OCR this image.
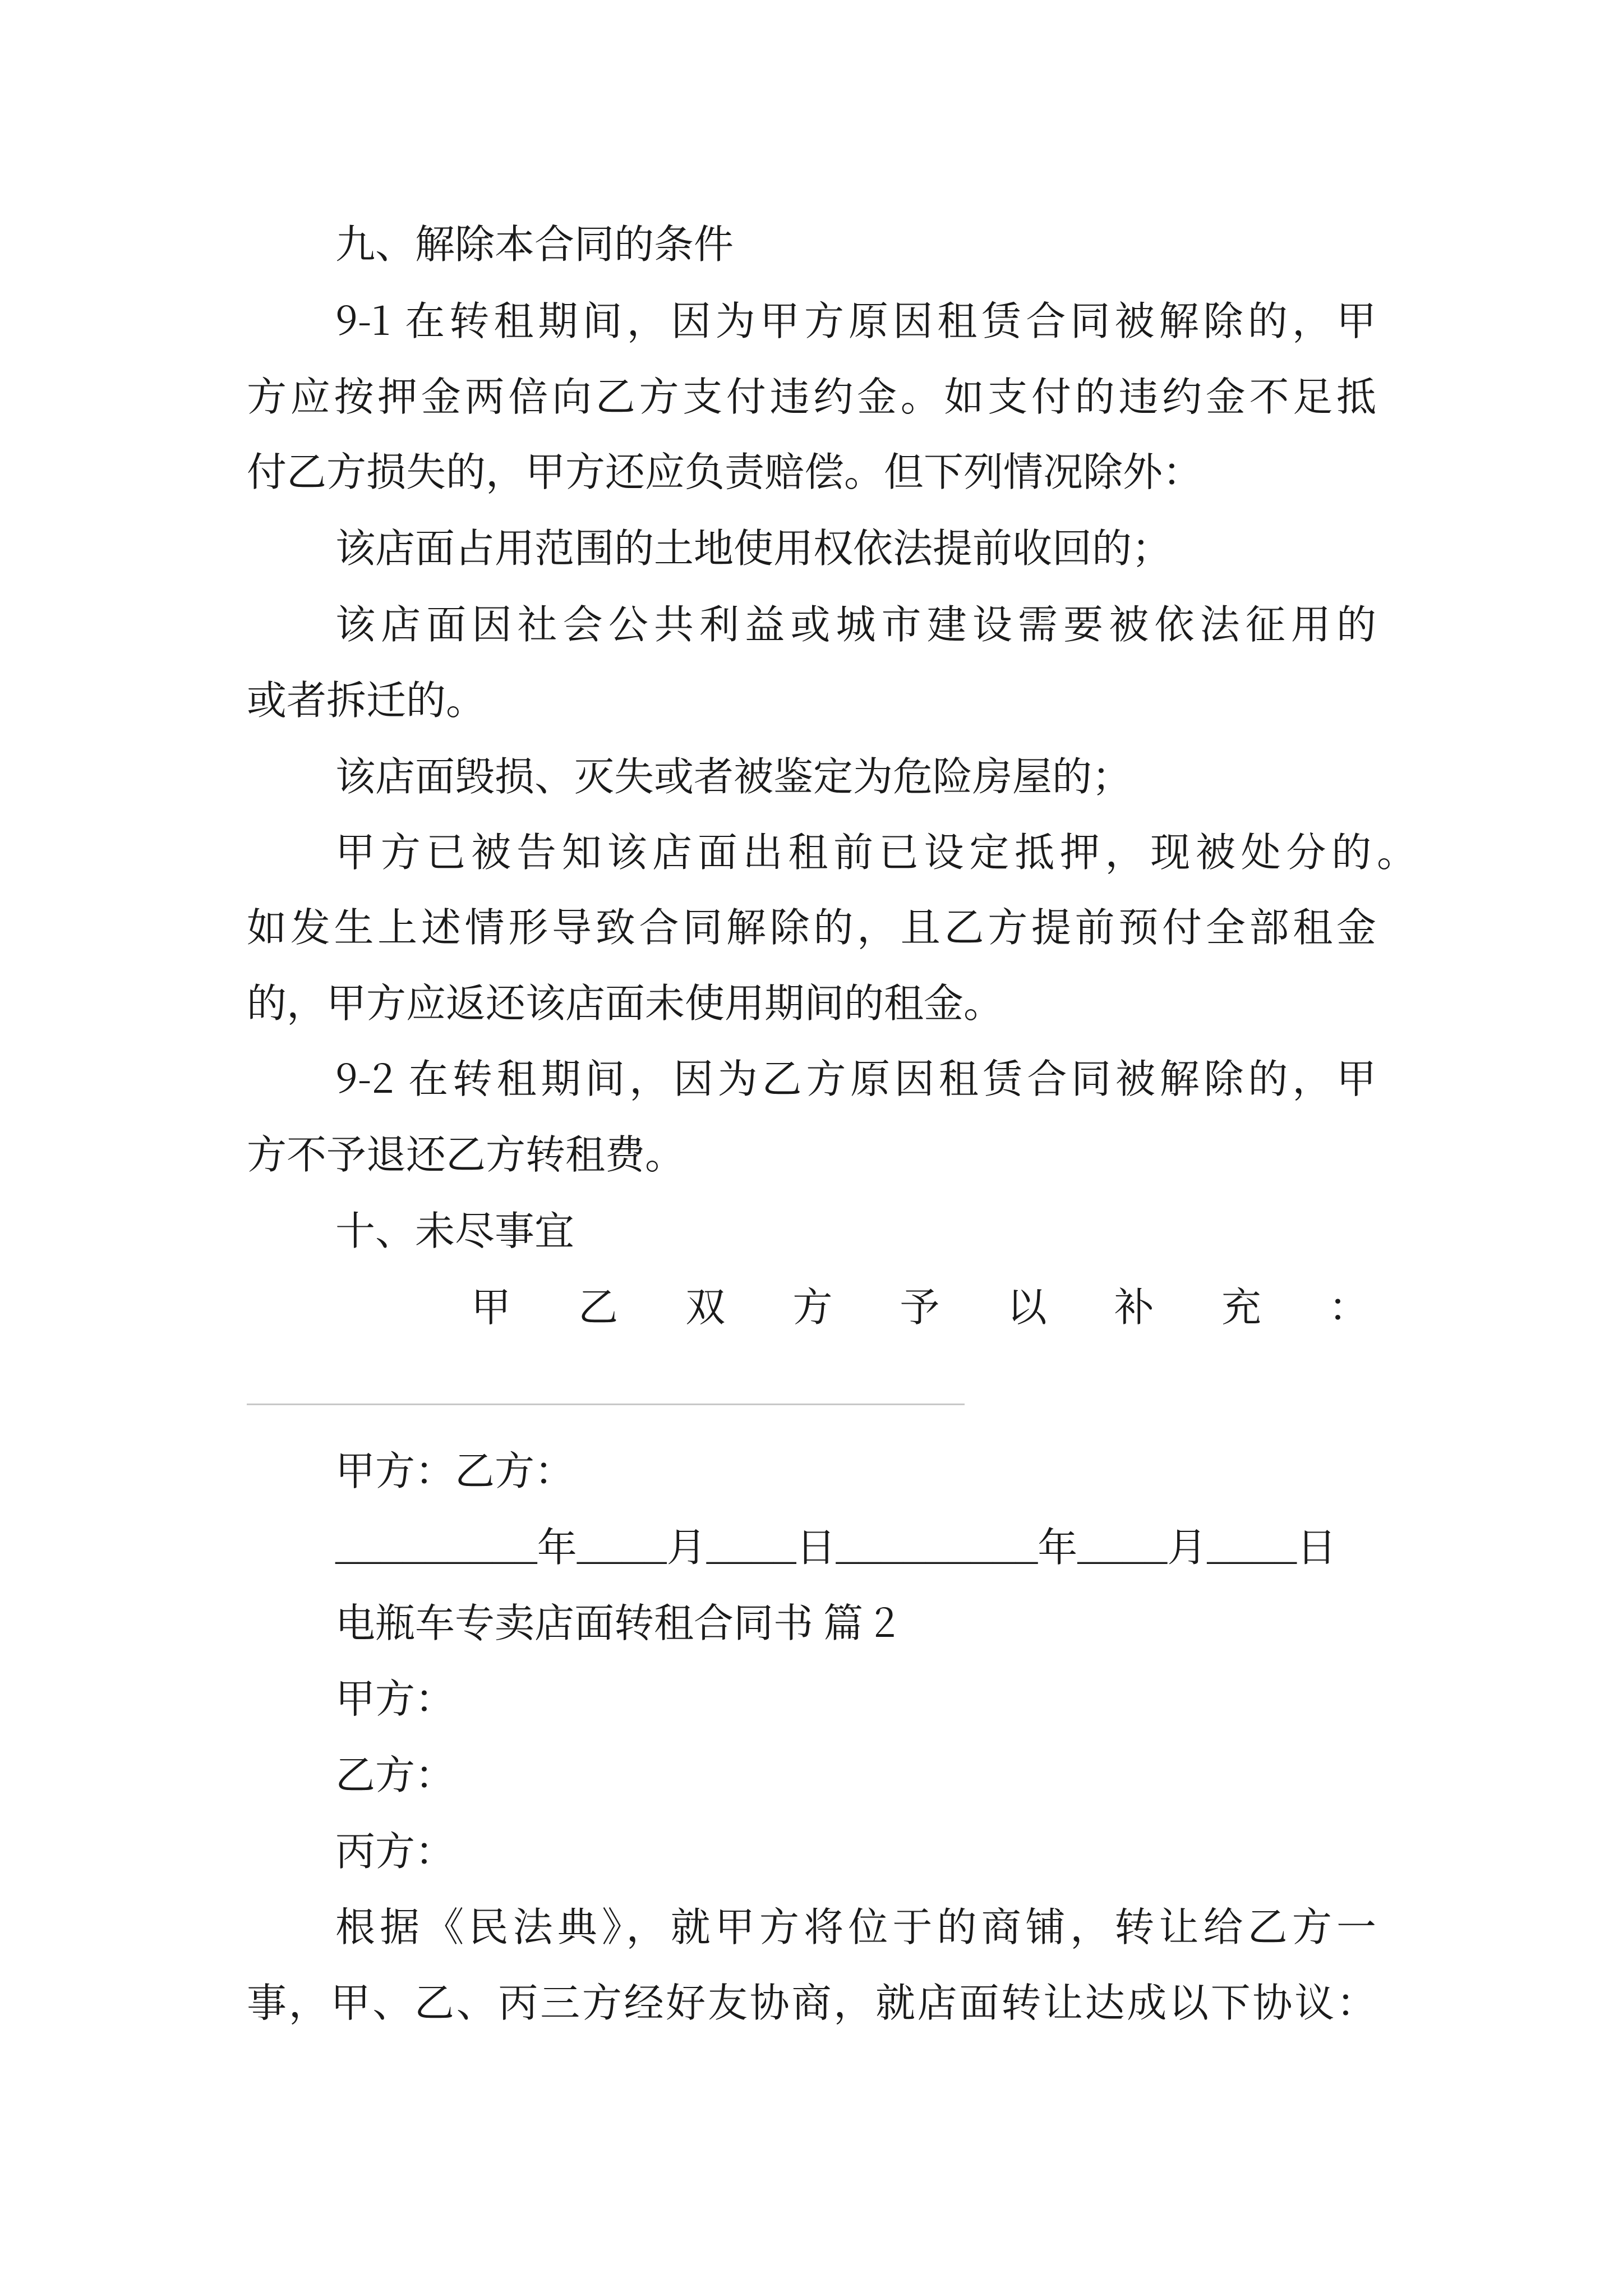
九、解除本合同的条件

9-1 在转租期间，因为甲方原因租赁合同被解除的，甲

方应按押金两倍向乙方支付违约金。如支付的违约金不足抵

付乙方损失的，甲方还应负责赔偿。但下列情况除外：

该店面占用范围的土地使用权依法提前收回的；

该店面因社会公共利益或城市建设需要被依法征用的

或者拆迁的。

该店面毁损、灭失或者被鉴定为危险房屋的；

甲方已被告知该店面出租前已设定抵押，现被处分的。

如发生上述情形导致合同解除的，且乙方提前预付全部租金

的，甲方应返还该店面未使用期间的租金。

9-2 在转租期间，因为乙方原因租赁合同被解除的，甲

方不予退还乙方转租费。

十、未尽事宜

甲　乙　双　方　予　以　补　充　：

甲方：乙方：

_________年____月____日_________年____月____日

电瓶车专卖店面转租合同书 篇 2

甲方：

乙方：

丙方：

根据《民法典》，就甲方将位于的商铺，转让给乙方一

事，甲、乙、丙三方经好友协商，就店面转让达成以下协议：
